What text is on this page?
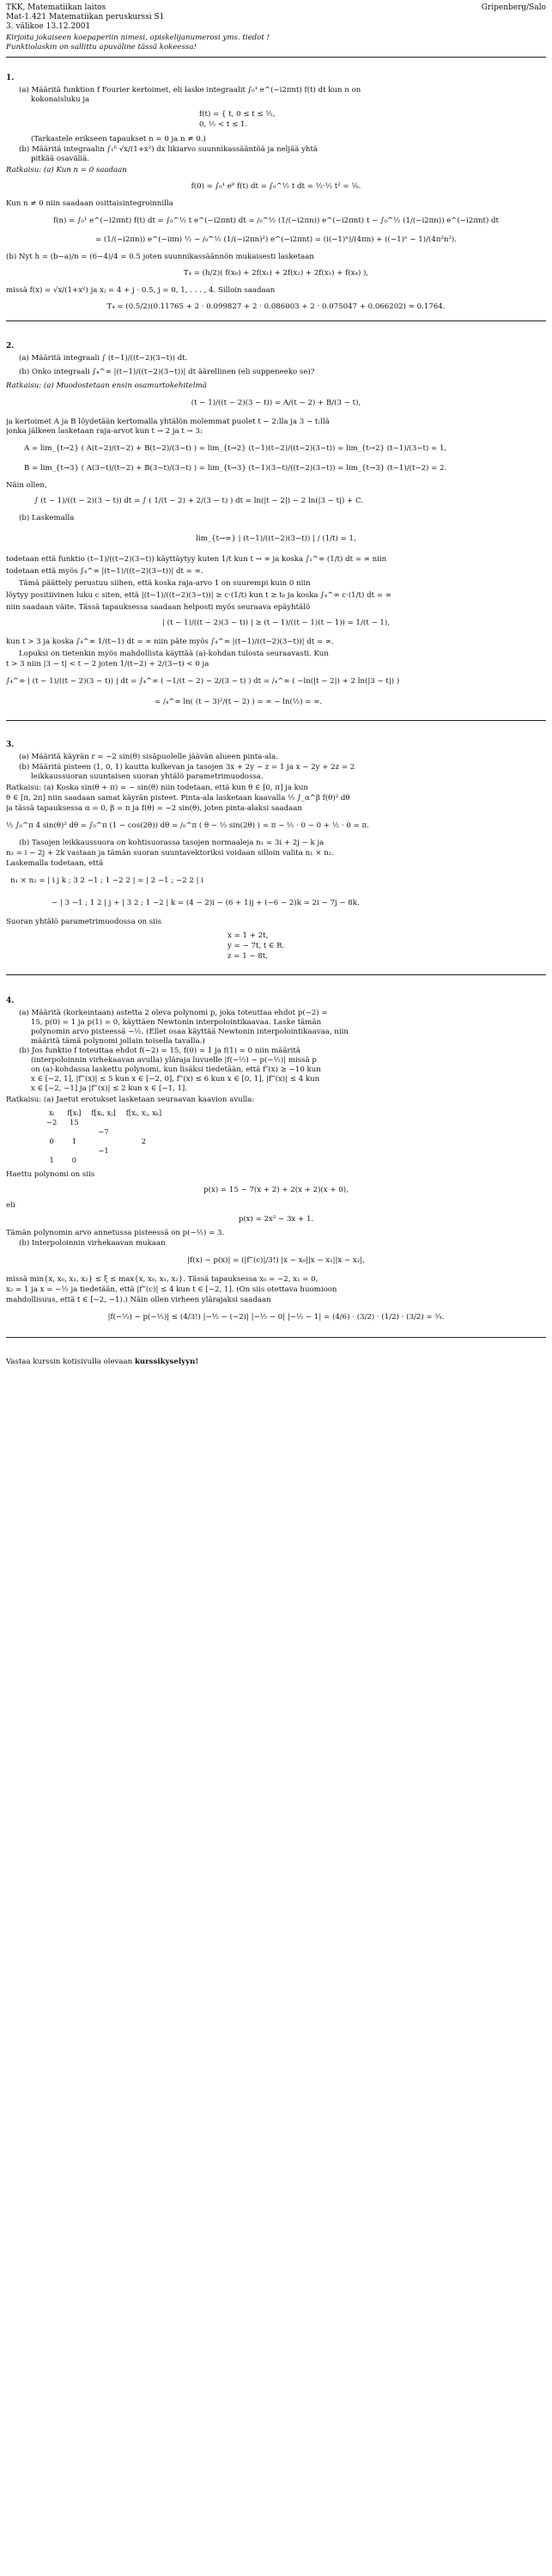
TKK, Matematiikan laitos	Gripenberg/Salo
Mat-1.421 Matematiikan peruskurssi S1
3. välikoe 13.12.2001
Kirjoita jokaiseen koepaperiin nimesi, opiskelijanumerosi yms. tiedot !
Funktiolaskin on sallittu apuväline tässä kokeessa!
1.
(a) Määritä funktion f Fourier kertoimet, eli laske integraalit ∫₀¹ e^(−i2πnt) f(t) dt kun n on
kokonaisluku ja
f(t) = { t, 0 ≤ t ≤ ½,
0, ½ < t ≤ 1.
(Tarkastele erikseen tapaukset n = 0 ja n ≠ 0.)
(b) Määritä integraalin ∫₁⁶ √x/(1+x²) dx likiarvo suunnikassääntöä ja neljää yhtä
pitkää osaväliä.
Ratkaisu: (a) Kun n = 0 saadaan
f̂(0) = ∫₀¹ e⁰ f(t) dt = ∫₀^½ t dt = ½·½ t² = ⅛.
Kun n ≠ 0 niin saadaan osittaisintegroinnilla
f̂(n) = ∫₀¹ e^(−i2πnt) f(t) dt = ∫₀^½ t e^(−i2πnt) dt = /₀^½ (1/(−i2πn)) e^(−i2πnt) t − ∫₀^½ (1/(−i2πn)) e^(−i2πnt) dt
= (1/(−i2πn)) e^(−iπn) ½ − /₀^½ (1/(−i2πn)²) e^(−i2πnt) = (i(−1)ⁿ)/(4πn) + ((−1)ⁿ − 1)/(4π²n²).
(b) Nyt h = (b−a)/n = (6−4)/4 = 0.5 joten suunnikassäännön mukaisesti lasketaan
T₄ = (h/2)( f(x₀) + 2f(x₁) + 2f(x₂) + 2f(x₃) + f(x₄) ),
missä f(x) = √x/(1+x²) ja xⱼ = 4 + j · 0.5, j = 0, 1, . . . , 4. Silloin saadaan
T₄ = (0.5/2)(0.11765 + 2 · 0.099827 + 2 · 0.086003 + 2 · 0.075047 + 0.066202) ≈ 0.1764.
2.
(a) Määritä integraali ∫ (t−1)/((t−2)(3−t)) dt.
(b) Onko integraali ∫₄^∞ |(t−1)/((t−2)(3−t))| dt äärellinen (eli suppeneeko se)?
Ratkaisu: (a) Muodostetaan ensin osamurtokehitelmä
(t − 1)/((t − 2)(3 − t)) = A/(t − 2) + B/(3 − t),
ja kertoimet A ja B löydetään kertomalla yhtälön molemmat puolet t − 2:lla ja 3 − t:llä
jonka jälkeen lasketaan raja-arvot kun t → 2 ja t → 3:
A = lim_{t→2} ( A(t−2)/(t−2) + B(t−2)/(3−t) ) = lim_{t→2} (t−1)(t−2)/((t−2)(3−t)) = lim_{t→2} (t−1)/(3−t) = 1,
B = lim_{t→3} ( A(3−t)/(t−2) + B(3−t)/(3−t) ) = lim_{t→3} (t−1)(3−t)/((t−2)(3−t)) = lim_{t→3} (t−1)/(t−2) = 2.
Näin ollen,
∫ (t − 1)/((t − 2)(3 − t)) dt = ∫ ( 1/(t − 2) + 2/(3 − t) ) dt = ln(|t − 2|) − 2 ln(|3 − t|) + C.
(b) Laskemalla
lim_{t→∞} | (t−1)/((t−2)(3−t)) | / (1/t) = 1,
todetaan että funktio (t−1)/((t−2)(3−t)) käyttäytyy kuten 1/t kun t → ∞ ja koska ∫₁^∞ (1/t) dt = ∞ niin
todetaan että myös ∫₄^∞ |(t−1)/((t−2)(3−t))| dt = ∞.
Tämä päättely perustuu siihen, että koska raja-arvo 1 on suurempi kuin 0 niin
löytyy positiivinen luku c siten, että |(t−1)/((t−2)(3−t))| ≥ c·(1/t) kun t ≥ t₀ ja koska ∫₄^∞ c·(1/t) dt = ∞
niin saadaan väite. Tässä tapauksessa saadaan helposti myös seuraava epäyhtälö
| (t − 1)/((t − 2)(3 − t)) | ≥ (t − 1)/((t − 1)(t − 1)) = 1/(t − 1),
kun t > 3 ja koska ∫₄^∞ 1/(t−1) dt = ∞ niin päte myös ∫₄^∞ |(t−1)/((t−2)(3−t))| dt = ∞.
Lopuksi on tietenkin myös mahdollista käyttää (a)-kohdan tulosta seuraavasti. Kun
t > 3 niin |3 − t| < t − 2 joten 1/(t−2) + 2/(3−t) < 0 ja
∫₄^∞ | (t − 1)/((t − 2)(3 − t)) | dt = ∫₄^∞ ( −1/(t − 2) − 2/(3 − t) ) dt = /₄^∞ ( −ln(|t − 2|) + 2 ln(|3 − t|) )
= /₄^∞ ln( (t − 3)²/(t − 2) ) = ∞ − ln(½) = ∞.
3.
(a) Määritä käyrän r = −2 sin(θ) sisäpuolelle jäävän alueen pinta-ala.
(b) Määritä pisteen (1, 0, 1) kautta kulkevan ja tasojen 3x + 2y − z = 1 ja x − 2y + 2z = 2
leikkaussuoran suuntaisen suoran yhtälö parametrimuodossa.
Ratkaisu: (a) Koska sin(θ + π) = − sin(θ) niin todetaan, että kun θ ∈ [0, π] ja kun
θ ∈ [π, 2π] niin saadaan samat käyrän pisteet. Pinta-ala lasketaan kaavalla ½ ∫_α^β f(θ)² dθ
ja tässä tapauksessa α = 0, β = π ja f(θ) = −2 sin(θ), joten pinta-alaksi saadaan
½ ∫₀^π 4 sin(θ)² dθ = ∫₀^π (1 − cos(2θ)) dθ = /₀^π ( θ − ½ sin(2θ) ) = π − ½ · 0 − 0 + ½ · 0 = π.
(b) Tasojen leikkaussuora on kohtisuorassa tasojen normaaleja n₁ = 3i + 2j − k ja
n₂ = i − 2j + 2k vastaan ja tämän suoran suuntavektoriksi voidaan silloin valita n₁ × n₂.
Laskemalla todetaan, että
n₁ × n₂ = | i j k ; 3 2 −1 ; 1 −2 2 | = | 2 −1 ; −2 2 | i
− | 3 −1 ; 1 2 | j + | 3 2 ; 1 −2 | k = (4 − 2)i − (6 + 1)j + (−6 − 2)k = 2i − 7j − 8k.
Suoran yhtälö parametrimuodossa on siis
x = 1 + 2t,
y = − 7t, t ∈ R.
z = 1 − 8t,
4.
(a) Määritä (korkeintaan) astetta 2 oleva polynomi p, joka toteuttaa ehdot p(−2) =
15, p(0) = 1 ja p(1) = 0, käyttäen Newtonin interpolointikaavaa. Laske tämän
polynomin arvo pisteessä −½. (Ellet osaa käyttää Newtonin interpolointikaavaa, niin
määritä tämä polynomi jollain toisella tavalla.)
(b) Jos funktio f toteuttaa ehdot f(−2) = 15, f(0) = 1 ja f(1) = 0 niin määritä
(interpoloinnin virhekaavan avulla) yläraja luvuelle |f(−½) − p(−½)| missä p
on (a)-kohdassa laskettu polynomi, kun lisäksi tiedetään, että f″(x) ≥ −10 kun
x ∈ [−2, 1], |f‴(x)| ≤ 5 kun x ∈ [−2, 0], f‴(x) ≤ 6 kun x ∈ [0, 1], |f‴(x)| ≤ 4 kun
x ∈ [−2, −1] ja |f‴(x)| ≤ 2 kun x ∈ [−1, 1].
Ratkaisu: (a) Jaetut erotukset lasketaan seuraavan kaavion avulla:
xᵢ	f[xᵢ]	f[xᵢ, xⱼ]	f[xᵢ, xⱼ, xₖ]
−2	15		
		−7	
0	1		2
		−1	
1	0		
Haettu polynomi on siis
p(x) = 15 − 7(x + 2) + 2(x + 2)(x + 0),
eli
p(x) = 2x² − 3x + 1.
Tämän polynomin arvo annetussa pisteessä on p(−½) = 3.
(b) Interpoloinnin virhekaavan mukaan
|f(x) − p(x)| = (|f‴(c)|/3!) |x − x₀||x − x₁||x − x₂|,
missä min{x, x₀, x₁, x₂} ≤ ξ ≤ max{x, x₀, x₁, x₂}. Tässä tapauksessa x₀ = −2, x₁ = 0,
x₂ = 1 ja x = −½ ja tiedetään, että |f‴(c)| ≤ 4 kun t ∈ [−2, 1]. (On siis otettava huomioon
mahdollisuus, että t ∈ [−2, −1).) Näin ollen virheen ylärajaksi saadaan
|f(−½) − p(−½)| ≤ (4/3!) |−½ − (−2)| |−½ − 0| |−½ − 1| = (4/6) · (3/2) · (1/2) · (3/2) = ¾.
Vastaa kurssin kotisivulla olevaan kurssikyselyyn!
